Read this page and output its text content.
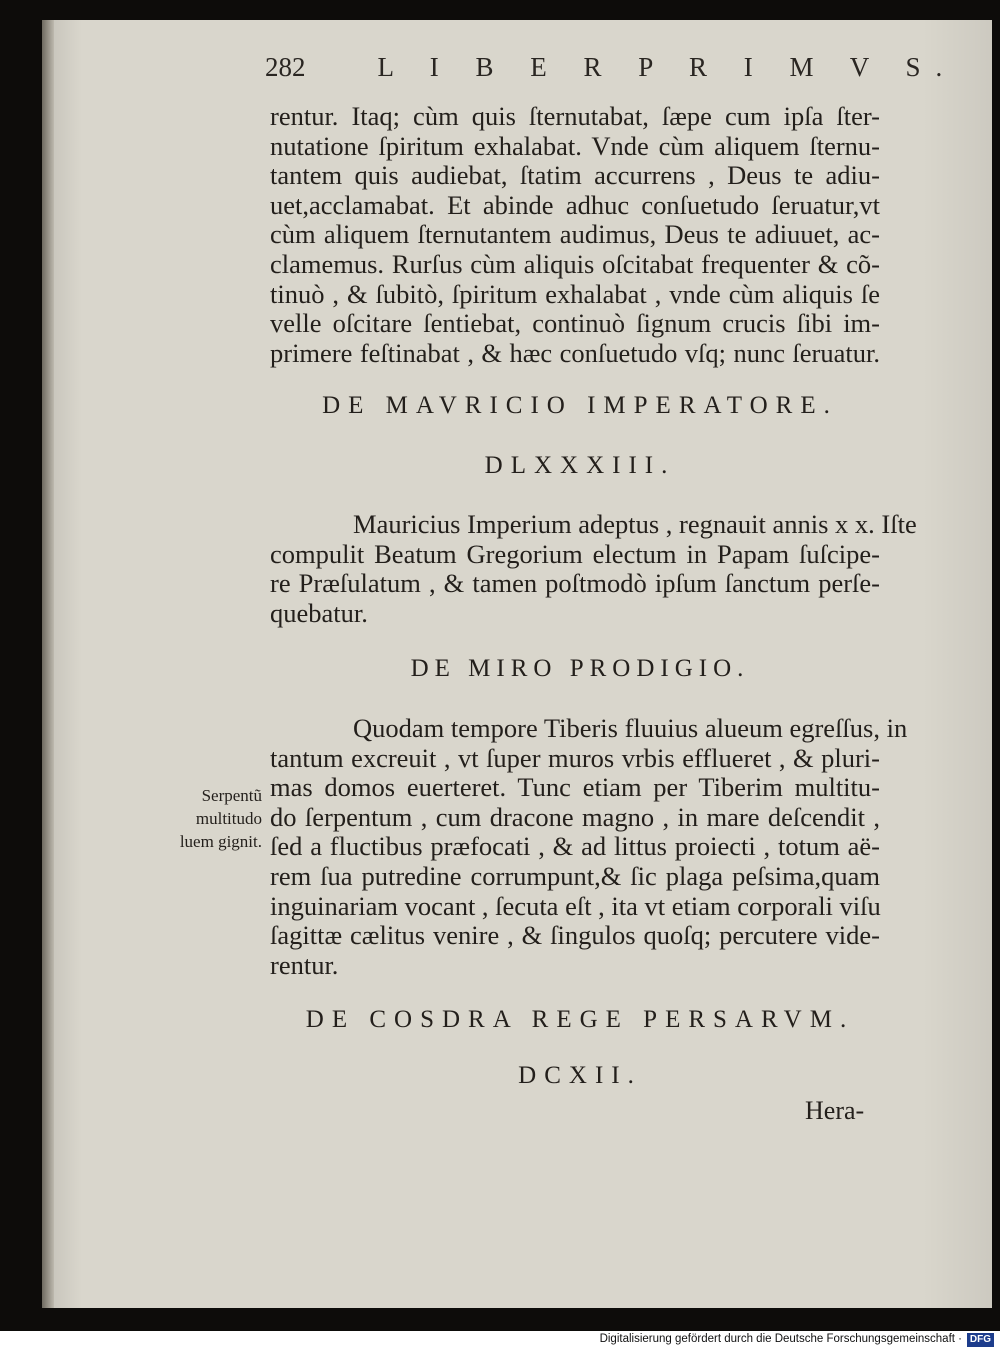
282	L I B E R P R I M V S.
rentur. Itaq; cùm quis ſternutabat, ſæpe cum ipſa ſter-
nutatione ſpiritum exhalabat. Vnde cùm aliquem ſternu-
tantem quis audiebat, ſtatim accurrens , Deus te adiu-
uet,acclamabat. Et abinde adhuc conſuetudo ſeruatur,vt
cùm aliquem ſternutantem audimus, Deus te adiuuet, ac-
clamemus. Rurſus cùm aliquis oſcitabat frequenter & cõ-
tinuò , & ſubitò, ſpiritum exhalabat , vnde cùm aliquis ſe
velle oſcitare ſentiebat, continuò ſignum crucis ſibi im-
primere feſtinabat , & hæc conſuetudo vſq; nunc ſeruatur.
DE MAVRICIO IMPERATORE.
DLXXXIII.
Mauricius Imperium adeptus , regnauit annis x x. Iſte
compulit Beatum Gregorium electum in Papam ſuſcipe-
re Præſulatum , & tamen poſtmodò ipſum ſanctum perſe-
quebatur.
DE MIRO PRODIGIO.
Quodam tempore Tiberis fluuius alueum egreſſus, in
tantum excreuit , vt ſuper muros vrbis efflueret , & pluri-
mas domos euerteret. Tunc etiam per Tiberim multitu-
do ſerpentum , cum dracone magno , in mare deſcendit ,
ſed a fluctibus præfocati , & ad littus proiecti , totum aë-
rem ſua putredine corrumpunt,& ſic plaga peſsima,quam
inguinariam vocant , ſecuta eſt , ita vt etiam corporali viſu
ſagittæ cælitus venire , & ſingulos quoſq; percutere vide-
rentur.
Serpentũ
multitudo
luem gignit.
DE COSDRA REGE PERSARVM.
DCXII.
Hera-
Digitalisierung gefördert durch die Deutsche Forschungsgemeinschaft · DFG
